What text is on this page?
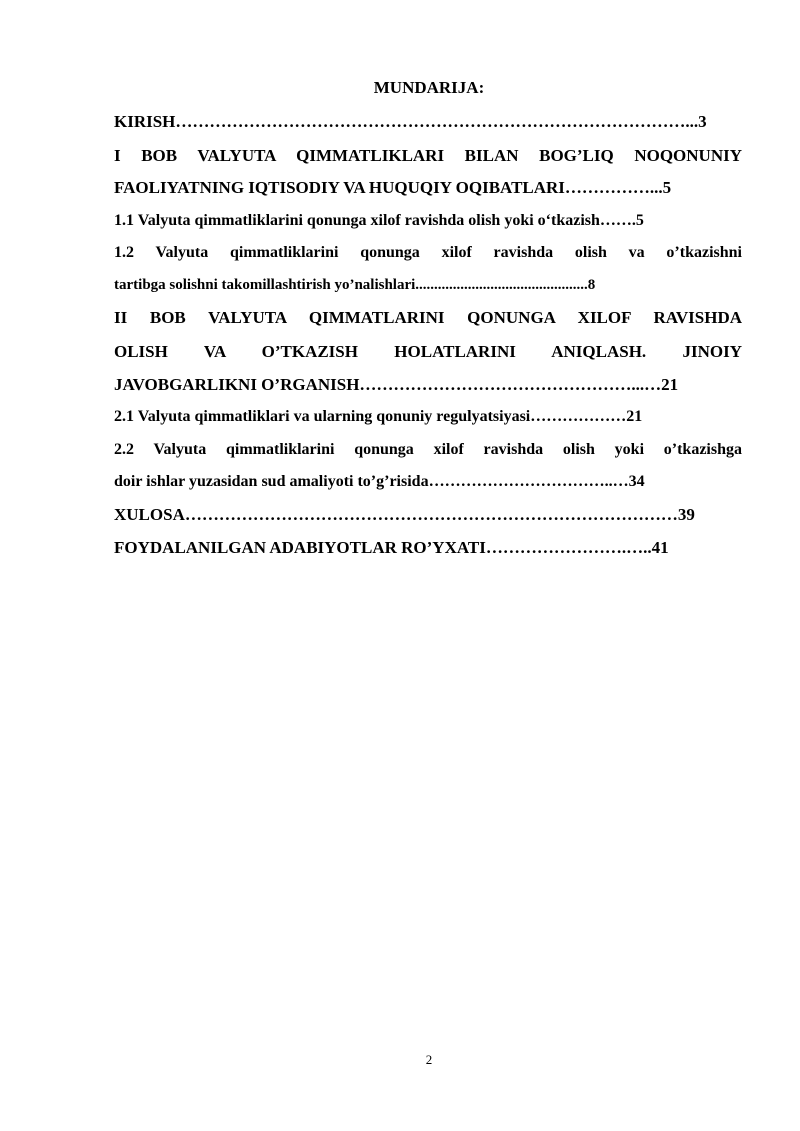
MUNDARIJA:
KIRISH………………………………………………………………………………...3
I BOB VALYUTA QIMMATLIKLARI BILAN BOG’LIQ NOQONUNIY
FAOLIYATNING IQTISODIY VA HUQUQIY OQIBATLARI……………...5
1.1 Valyuta qimmatliklarini qonunga xilof ravishda olish yoki o‘tkazish…….5
1.2 Valyuta qimmatliklarini qonunga xilof ravishda olish va o’tkazishni
tartibga solishni takomillashtirish yo’nalishlari..............................................8
II BOB VALYUTA QIMMATLARINI QONUNGA XILOF RAVISHDA
OLISH VA O’TKAZISH HOLATLARINI ANIQLASH. JINOIY
JAVOBGARLIKNI O’RGANISH…………………………………………...…21
2.1 Valyuta qimmatliklari va ularning qonuniy regulyatsiyasi………………21
2.2 Valyuta qimmatliklarini qonunga xilof ravishda olish yoki o’tkazishga
doir ishlar yuzasidan sud amaliyoti to’g’risida……………………………..…34
XULOSA……………………………………………………………………………39
FOYDALANILGAN ADABIYOTLAR RO’YXATI…………………….…..41
2
